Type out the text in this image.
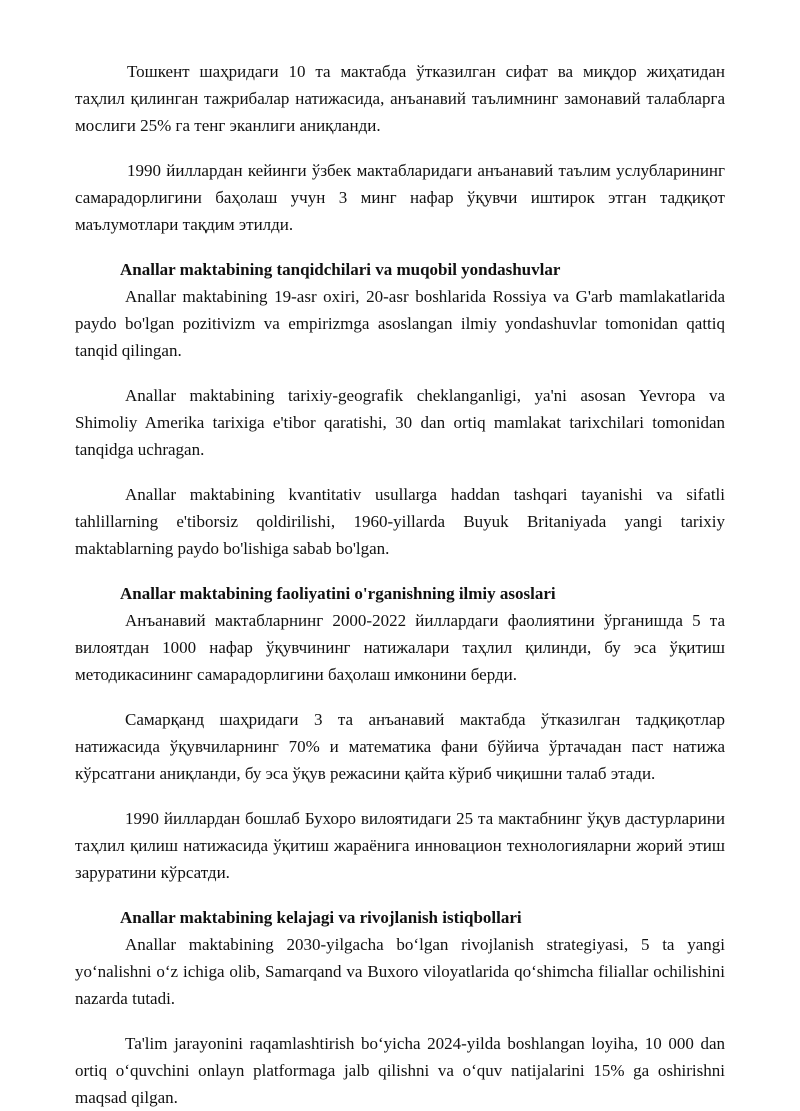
Тошкент шаҳридаги 10 та мактабда ўтказилган сифат ва миқдор жиҳатидан таҳлил қилинган тажрибалар натижасида, анъанавий таълимнинг замонавий талабларга мослиги 25% га тенг эканлиги аниқланди.

1990 йиллардан кейинги ўзбек мактабларидаги анъанавий таълим услубларининг самарадорлигини баҳолаш учун 3 минг нафар ўқувчи иштирок этган тадқиқот маълумотлари тақдим этилди.

Anallar maktabining tanqidchilari va muqobil yondashuvlar

Anallar maktabining 19-asr oxiri, 20-asr boshlarida Rossiya va G'arb mamlakatlarida paydo bo'lgan pozitivizm va empirizmga asoslangan ilmiy yondashuvlar tomonidan qattiq tanqid qilingan.

Anallar maktabining tarixiy-geografik cheklanganligi, ya'ni asosan Yevropa va Shimoliy Amerika tarixiga e'tibor qaratishi, 30 dan ortiq mamlakat tarixchilari tomonidan tanqidga uchragan.

Anallar maktabining kvantitativ usullarga haddan tashqari tayanishi va sifatli tahlillarning e'tiborsiz qoldirilishi, 1960-yillarda Buyuk Britaniyada yangi tarixiy maktablarning paydo bo'lishiga sabab bo'lgan.

Anallar maktabining faoliyatini o'rganishning ilmiy asoslari

Анъанавий мактабларнинг 2000-2022 йиллардаги фаолиятини ўрганишда 5 та вилоятдан 1000 нафар ўқувчининг натижалари таҳлил қилинди, бу эса ўқитиш методикасининг самарадорлигини баҳолаш имконини берди.

Самарқанд шаҳридаги 3 та анъанавий мактабда ўтказилган тадқиқотлар натижасида ўқувчиларнинг 70% и математика фани бўйича ўртачадан паст натижа кўрсатгани аниқланди, бу эса ўқув режасини қайта кўриб чиқишни талаб этади.

1990 йиллардан бошлаб Бухоро вилоятидаги 25 та мактабнинг ўқув дастурларини таҳлил қилиш натижасида ўқитиш жараёнига инновацион технологияларни жорий этиш заруратини кўрсатди.

Anallar maktabining kelajagi va rivojlanish istiqbollari

Anallar maktabining 2030-yilgacha boʻlgan rivojlanish strategiyasi, 5 ta yangi yoʻnalishni oʻz ichiga olib, Samarqand va Buxoro viloyatlarida qoʻshimcha filiallar ochilishini nazarda tutadi.

Ta'lim jarayonini raqamlashtirish boʻyicha 2024-yilda boshlangan loyiha, 10 000 dan ortiq oʻquvchini onlayn platformaga jalb qilishni va oʻquv natijalarini 15% ga oshirishni maqsad qilgan.
